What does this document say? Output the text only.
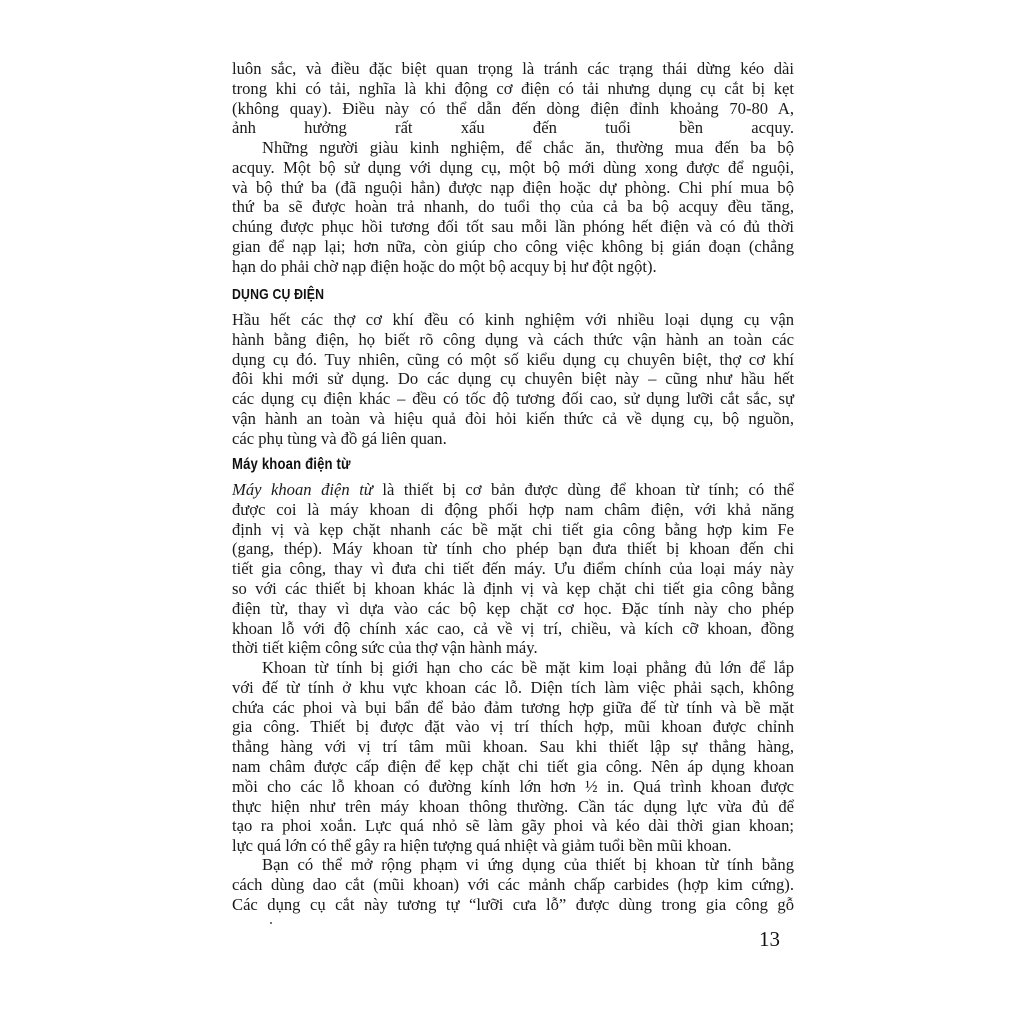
13
luôn sắc, và điều đặc biệt quan trọng là tránh các trạng thái dừng kéo dài
trong khi có tải, nghĩa là khi động cơ điện có tải nhưng dụng cụ cắt bị kẹt
(không quay). Điều này có thể dẫn đến dòng điện đỉnh khoảng 70-80 A,
ảnh hưởng rất xấu đến tuổi bền acquy.
Những người giàu kinh nghiệm, để chắc ăn, thường mua đến ba bộ
acquy. Một bộ sử dụng với dụng cụ, một bộ mới dùng xong được để nguội,
và bộ thứ ba (đã nguội hẳn) được nạp điện hoặc dự phòng. Chi phí mua bộ
thứ ba sẽ được hoàn trả nhanh, do tuổi thọ của cả ba bộ acquy đều tăng,
chúng được phục hồi tương đối tốt sau mỗi lần phóng hết điện và có đủ thời
gian để nạp lại; hơn nữa, còn giúp cho công việc không bị gián đoạn (chẳng
hạn do phải chờ nạp điện hoặc do một bộ acquy bị hư đột ngột).
DỤNG CỤ ĐIỆN
Hầu hết các thợ cơ khí đều có kinh nghiệm với nhiều loại dụng cụ vận
hành bằng điện, họ biết rõ công dụng và cách thức vận hành an toàn các
dụng cụ đó. Tuy nhiên, cũng có một số kiểu dụng cụ chuyên biệt, thợ cơ khí
đôi khi mới sử dụng. Do các dụng cụ chuyên biệt này – cũng như hầu hết
các dụng cụ điện khác – đều có tốc độ tương đối cao, sử dụng lưỡi cắt sắc, sự
vận hành an toàn và hiệu quả đòi hỏi kiến thức cả về dụng cụ, bộ nguồn,
các phụ tùng và đồ gá liên quan.
Máy khoan điện từ
Máy khoan điện từ là thiết bị cơ bản được dùng để khoan từ tính; có thể
được coi là máy khoan di động phối hợp nam châm điện, với khả năng
định vị và kẹp chặt nhanh các bề mặt chi tiết gia công bằng hợp kim Fe
(gang, thép). Máy khoan từ tính cho phép bạn đưa thiết bị khoan đến chi
tiết gia công, thay vì đưa chi tiết đến máy. Ưu điểm chính của loại máy này
so với các thiết bị khoan khác là định vị và kẹp chặt chi tiết gia công bằng
điện từ, thay vì dựa vào các bộ kẹp chặt cơ học. Đặc tính này cho phép
khoan lỗ với độ chính xác cao, cả về vị trí, chiều, và kích cỡ khoan, đồng
thời tiết kiệm công sức của thợ vận hành máy.
Khoan từ tính bị giới hạn cho các bề mặt kim loại phẳng đủ lớn để lắp
với đế từ tính ở khu vực khoan các lỗ. Diện tích làm việc phải sạch, không
chứa các phoi và bụi bẩn để bảo đảm tương hợp giữa đế từ tính và bề mặt
gia công. Thiết bị được đặt vào vị trí thích hợp, mũi khoan được chỉnh
thẳng hàng với vị trí tâm mũi khoan. Sau khi thiết lập sự thẳng hàng,
nam châm được cấp điện để kẹp chặt chi tiết gia công. Nên áp dụng khoan
mồi cho các lỗ khoan có đường kính lớn hơn ½ in. Quá trình khoan được
thực hiện như trên máy khoan thông thường. Cần tác dụng lực vừa đủ để
tạo ra phoi xoắn. Lực quá nhỏ sẽ làm gãy phoi và kéo dài thời gian khoan;
lực quá lớn có thể gây ra hiện tượng quá nhiệt và giảm tuổi bền mũi khoan.
Bạn có thể mở rộng phạm vi ứng dụng của thiết bị khoan từ tính bằng
cách dùng dao cắt (mũi khoan) với các mảnh chấp carbides (hợp kim cứng).
Các dụng cụ cắt này tương tự “lưỡi cưa lỗ” được dùng trong gia công gỗ
